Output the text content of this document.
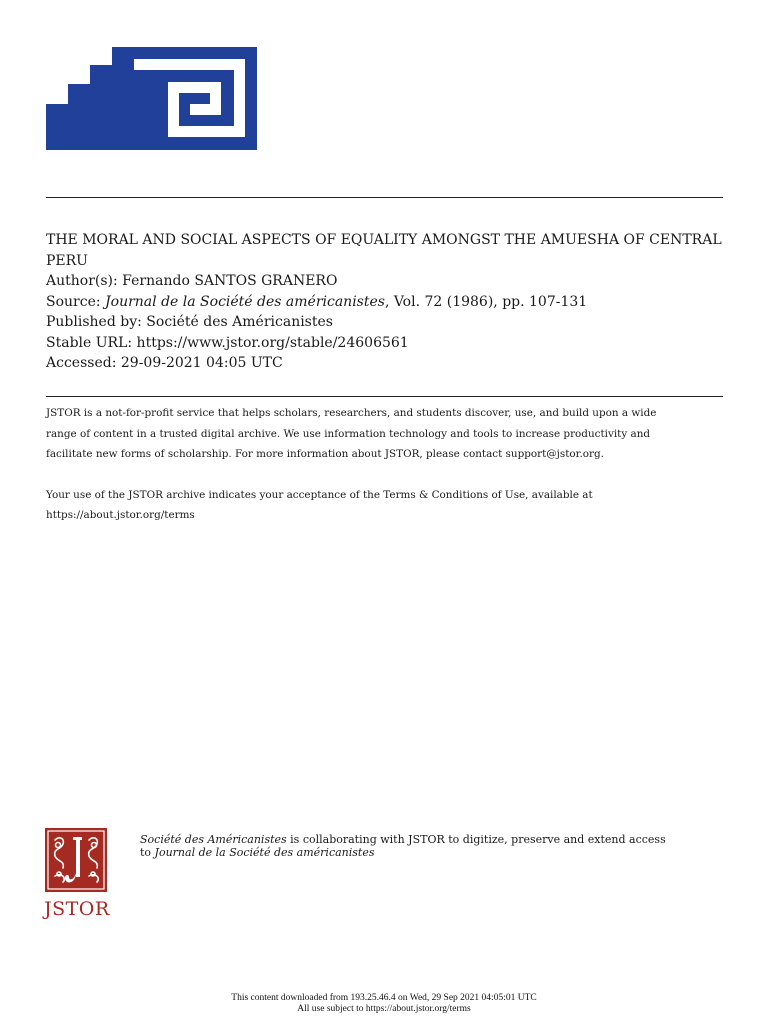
THE MORAL AND SOCIAL ASPECTS OF EQUALITY AMONGST THE AMUESHA OF CENTRAL PERU
Author(s): Fernando SANTOS GRANERO
Source: Journal de la Société des américanistes, Vol. 72 (1986), pp. 107-131
Published by: Société des Américanistes
Stable URL: https://www.jstor.org/stable/24606561
Accessed: 29-09-2021 04:05 UTC

JSTOR is a not-for-profit service that helps scholars, researchers, and students discover, use, and build upon a wide
range of content in a trusted digital archive. We use information technology and tools to increase productivity and
facilitate new forms of scholarship. For more information about JSTOR, please contact support@jstor.org.

Your use of the JSTOR archive indicates your acceptance of the Terms & Conditions of Use, available at
https://about.jstor.org/terms

JSTOR
Société des Américanistes is collaborating with JSTOR to digitize, preserve and extend access
to Journal de la Société des américanistes
This content downloaded from 193.25.46.4 on Wed, 29 Sep 2021 04:05:01 UTC
All use subject to https://about.jstor.org/terms
